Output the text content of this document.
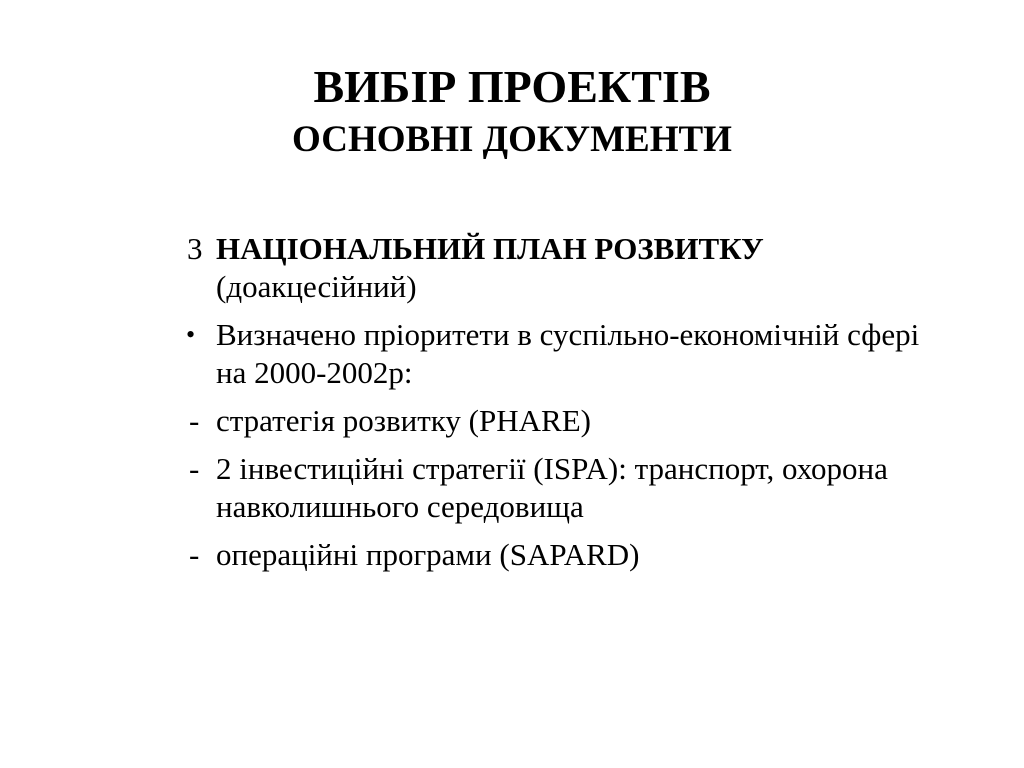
ВИБІР ПРОЕКТІВ
ОСНОВНІ ДОКУМЕНТИ
3 НАЦІОНАЛЬНИЙ ПЛАН РОЗВИТКУ
(доакцесійний)
• Визначено пріоритети в суспільно-економічній сфері на 2000-2002р:
- стратегія розвитку (PHARE)
- 2 інвестиційні стратегії (ISPA): транспорт, охорона навколишнього середовища
- операційні програми (SAPARD)
